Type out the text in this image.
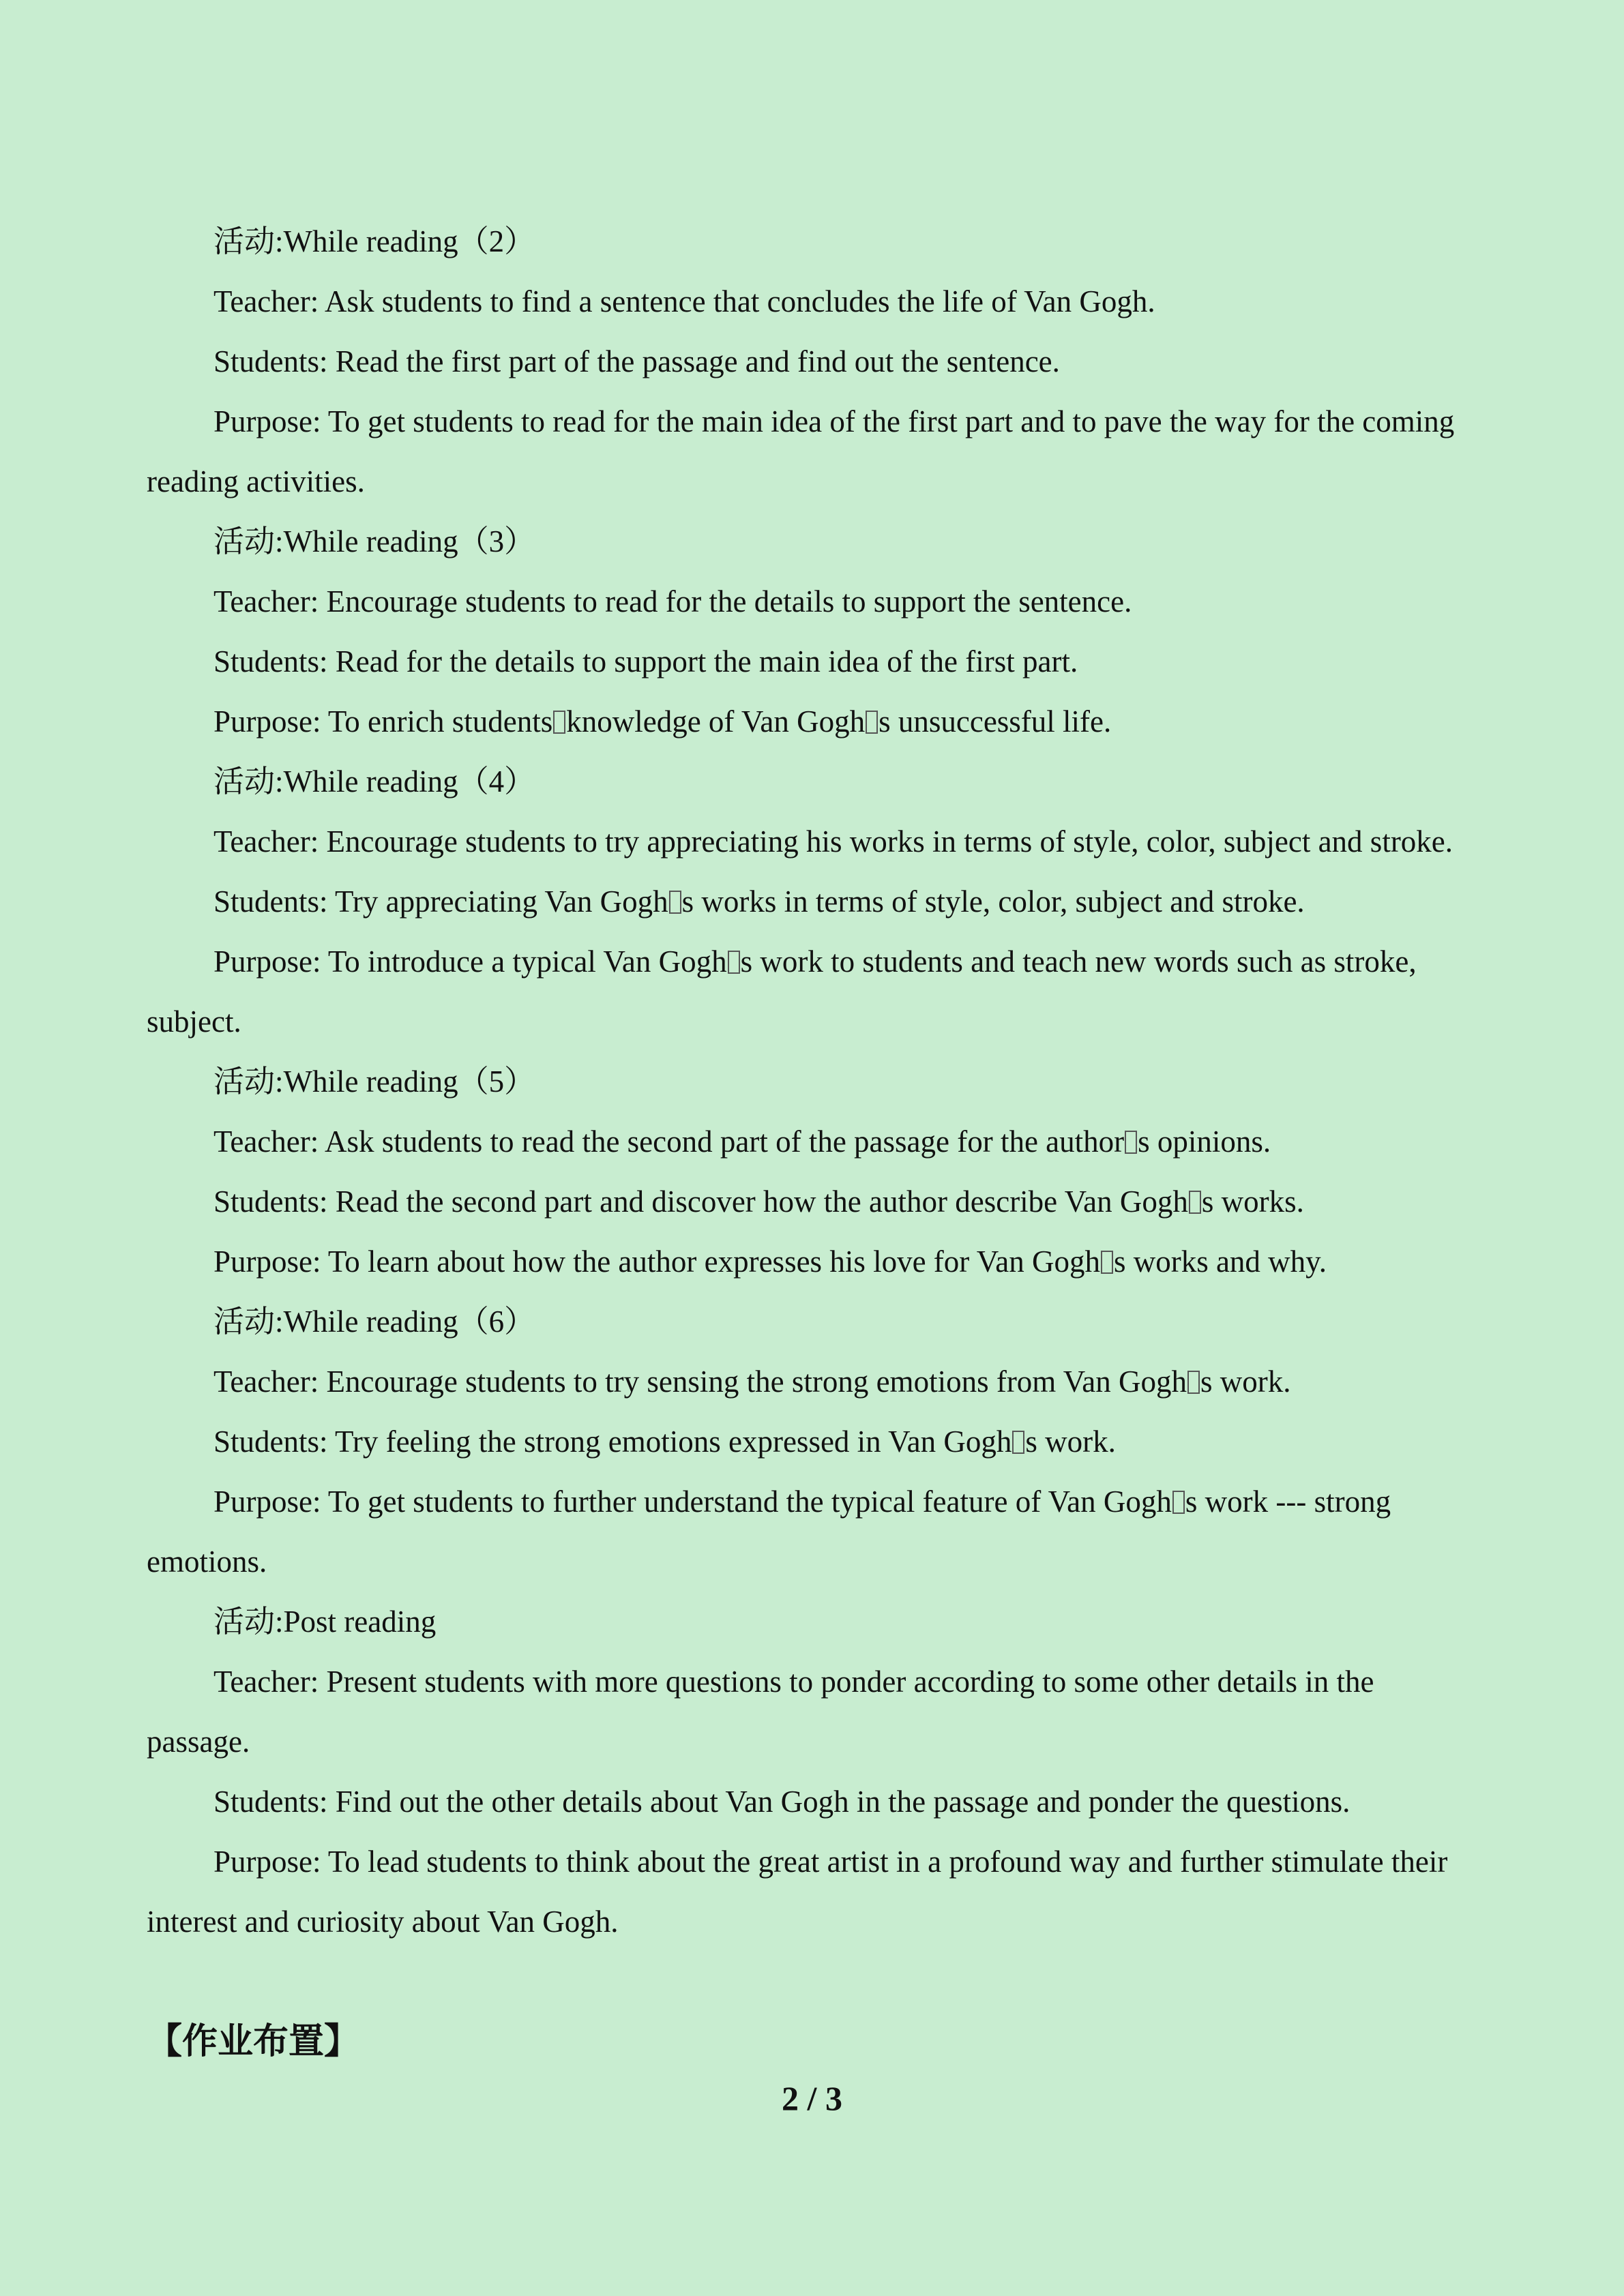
活动:While reading（2）

Teacher: Ask students to find a sentence that concludes the life of Van Gogh.

Students: Read the first part of the passage and find out the sentence.

Purpose: To get students to read for the main idea of the first part and to pave the way for the coming reading activities.

活动:While reading（3）

Teacher: Encourage students to read for the details to support the sentence.

Students: Read for the details to support the main idea of the first part.

Purpose: To enrich students knowledge of Van Gogh s unsuccessful life.

活动:While reading（4）

Teacher: Encourage students to try appreciating his works in terms of style, color, subject and stroke.

Students: Try appreciating Van Gogh s works in terms of style, color, subject and stroke.

Purpose: To introduce a typical Van Gogh s work to students and teach new words such as stroke, subject.

活动:While reading（5）

Teacher: Ask students to read the second part of the passage for the author s opinions.

Students: Read the second part and discover how the author describe Van Gogh s works.

Purpose: To learn about how the author expresses his love for Van Gogh s works and why.

活动:While reading（6）

Teacher: Encourage students to try sensing the strong emotions from Van Gogh s work.

Students: Try feeling the strong emotions expressed in Van Gogh s work.

Purpose: To get students to further understand the typical feature of Van Gogh s work --- strong emotions.

活动:Post reading

Teacher: Present students with more questions to ponder according to some other details in the passage.

Students: Find out the other details about Van Gogh in the passage and ponder the questions.

Purpose: To lead students to think about the great artist in a profound way and further stimulate their interest and curiosity about Van Gogh.

【作业布置】
2 / 3
